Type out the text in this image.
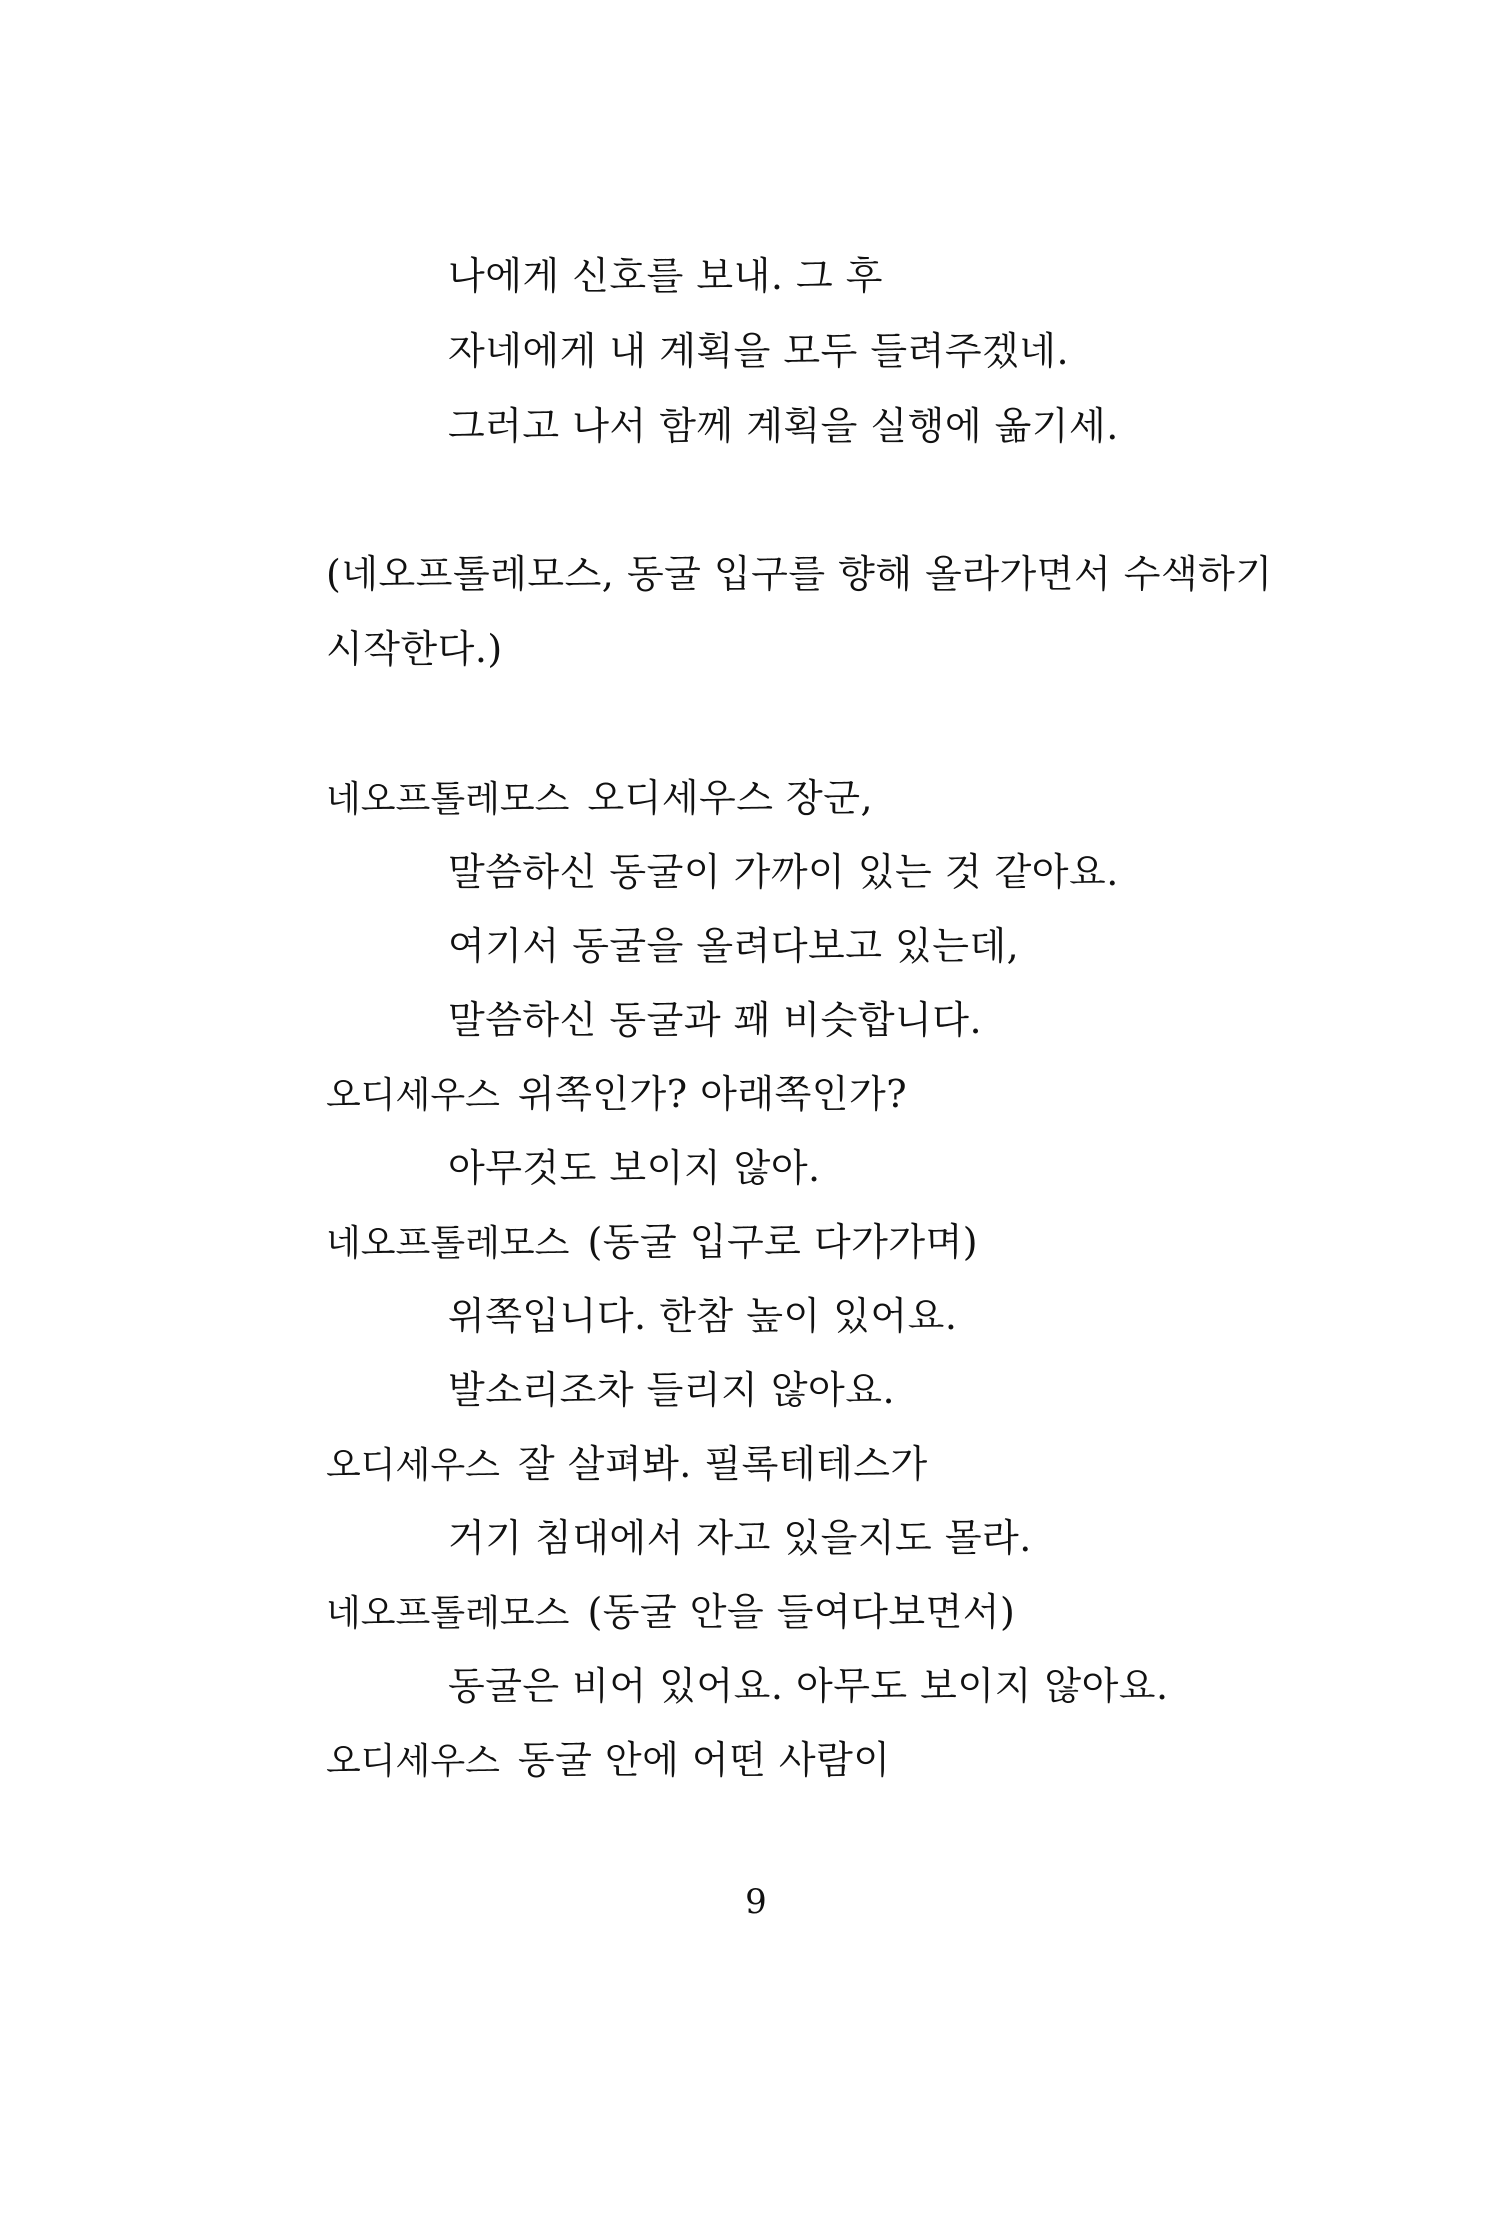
나에게 신호를 보내. 그 후
자네에게 내 계획을 모두 들려주겠네.
그러고 나서 함께 계획을 실행에 옮기세.
(네오프톨레모스, 동굴 입구를 향해 올라가면서 수색하기
시작한다.)
네오프톨레모스 오디세우스 장군,
말씀하신 동굴이 가까이 있는 것 같아요.
여기서 동굴을 올려다보고 있는데,
말씀하신 동굴과 꽤 비슷합니다.
오디세우스 위쪽인가? 아래쪽인가?
아무것도 보이지 않아.
네오프톨레모스 (동굴 입구로 다가가며)
위쪽입니다. 한참 높이 있어요.
발소리조차 들리지 않아요.
오디세우스 잘 살펴봐. 필록테테스가
거기 침대에서 자고 있을지도 몰라.
네오프톨레모스 (동굴 안을 들여다보면서)
동굴은 비어 있어요. 아무도 보이지 않아요.
오디세우스 동굴 안에 어떤 사람이
9
